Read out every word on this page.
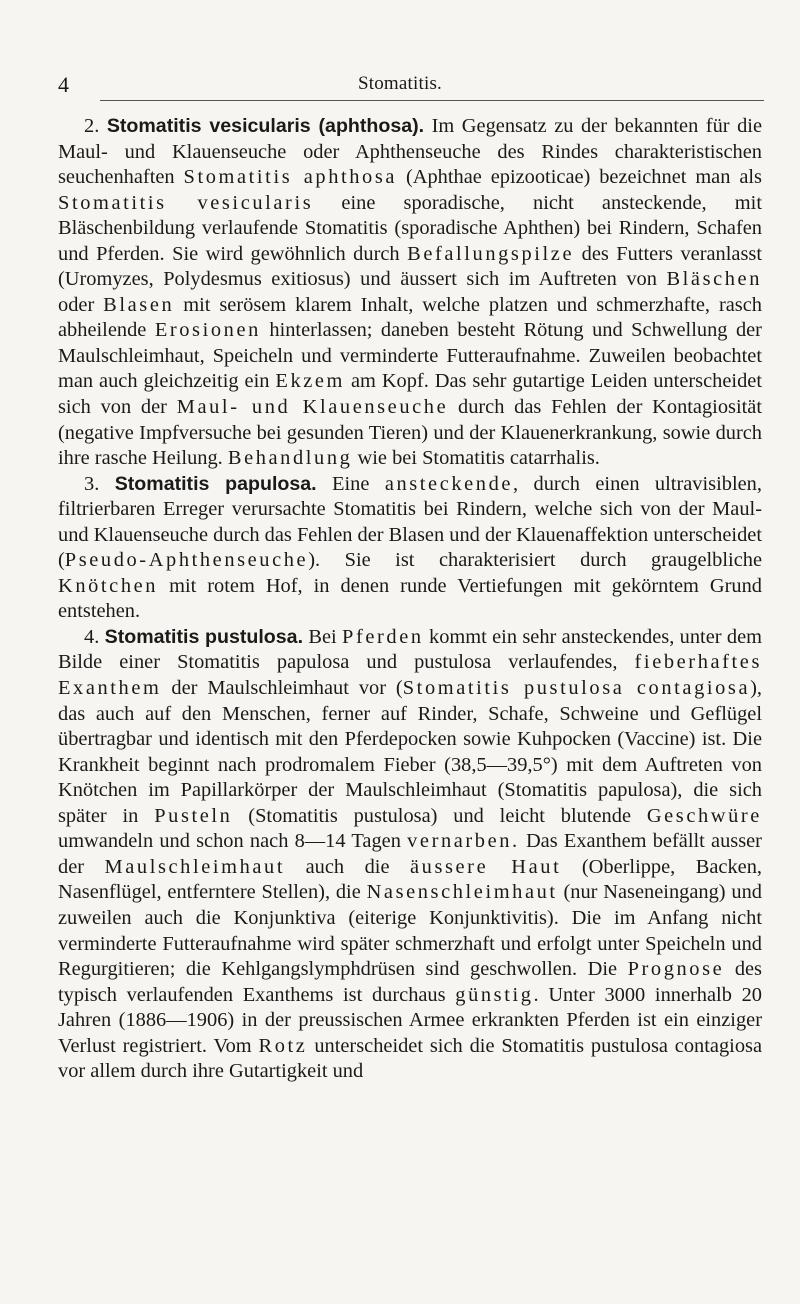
4	Stomatitis.

2. Stomatitis vesicularis (aphthosa). Im Gegensatz zu der bekannten für die Maul- und Klauenseuche oder Aphthenseuche des Rindes charakteristischen seuchenhaften Stomatitis aphthosa (Aphthae epizooticae) bezeichnet man als Stomatitis vesicularis eine sporadische, nicht ansteckende, mit Bläschenbildung verlaufende Stomatitis (sporadische Aphthen) bei Rindern, Schafen und Pferden. Sie wird gewöhnlich durch Befallungspilze des Futters veranlasst (Uromyzes, Polydesmus exitiosus) und äussert sich im Auftreten von Bläschen oder Blasen mit serösem klarem Inhalt, welche platzen und schmerzhafte, rasch abheilende Erosionen hinterlassen; daneben besteht Rötung und Schwellung der Maulschleimhaut, Speicheln und verminderte Futteraufnahme. Zuweilen beobachtet man auch gleichzeitig ein Ekzem am Kopf. Das sehr gutartige Leiden unterscheidet sich von der Maul- und Klauenseuche durch das Fehlen der Kontagiosität (negative Impfversuche bei gesunden Tieren) und der Klauenerkrankung, sowie durch ihre rasche Heilung. Behandlung wie bei Stomatitis catarrhalis.

3. Stomatitis papulosa. Eine ansteckende, durch einen ultravisiblen, filtrierbaren Erreger verursachte Stomatitis bei Rindern, welche sich von der Maul- und Klauenseuche durch das Fehlen der Blasen und der Klauenaffektion unterscheidet (Pseudo-Aphthenseuche). Sie ist charakterisiert durch graugelbliche Knötchen mit rotem Hof, in denen runde Vertiefungen mit gekörntem Grund entstehen.

4. Stomatitis pustulosa. Bei Pferden kommt ein sehr ansteckendes, unter dem Bilde einer Stomatitis papulosa und pustulosa verlaufendes, fieberhaftes Exanthem der Maulschleimhaut vor (Stomatitis pustulosa contagiosa), das auch auf den Menschen, ferner auf Rinder, Schafe, Schweine und Geflügel übertragbar und identisch mit den Pferdepocken sowie Kuhpocken (Vaccine) ist. Die Krankheit beginnt nach prodromalem Fieber (38,5—39,5°) mit dem Auftreten von Knötchen im Papillarkörper der Maulschleimhaut (Stomatitis papulosa), die sich später in Pusteln (Stomatitis pustulosa) und leicht blutende Geschwüre umwandeln und schon nach 8—14 Tagen vernarben. Das Exanthem befällt ausser der Maulschleimhaut auch die äussere Haut (Oberlippe, Backen, Nasenflügel, entferntere Stellen), die Nasenschleimhaut (nur Naseneingang) und zuweilen auch die Konjunktiva (eiterige Konjunktivitis). Die im Anfang nicht verminderte Futteraufnahme wird später schmerzhaft und erfolgt unter Speicheln und Regurgitieren; die Kehlgangslymphdrüsen sind geschwollen. Die Prognose des typisch verlaufenden Exanthems ist durchaus günstig. Unter 3000 innerhalb 20 Jahren (1886—1906) in der preussischen Armee erkrankten Pferden ist ein einziger Verlust registriert. Vom Rotz unterscheidet sich die Stomatitis pustulosa contagiosa vor allem durch ihre Gutartigkeit und
